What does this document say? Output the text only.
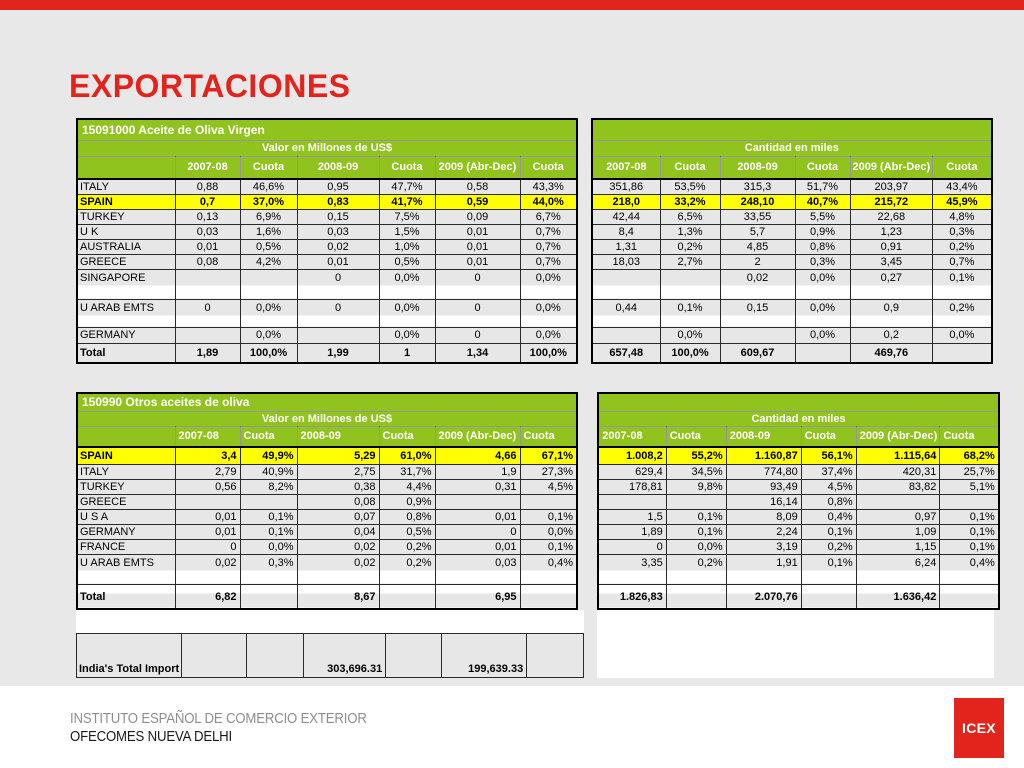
EXPORTACIONES
15091000 Aceite de Oliva Virgen						
Valor en Millones de US$						
	2007-08	Cuota	2008-09	Cuota	2009 (Abr-Dec)	Cuota
ITALY	0,88	46,6%	0,95	47,7%	0,58	43,3%
SPAIN	0,7	37,0%	0,83	41,7%	0,59	44,0%
TURKEY	0,13	6,9%	0,15	7,5%	0,09	6,7%
U K	0,03	1,6%	0,03	1,5%	0,01	0,7%
AUSTRALIA	0,01	0,5%	0,02	1,0%	0,01	0,7%
GREECE	0,08	4,2%	0,01	0,5%	0,01	0,7%
SINGAPORE			0	0,0%	0	0,0%
U ARAB EMTS	0	0,0%	0	0,0%	0	0,0%
GERMANY		0,0%		0,0%	0	0,0%
Total	1,89	100,0%	1,99	1	1,34	100,0%

Cantidad en miles					
2007-08	Cuota	2008-09	Cuota	2009 (Abr-Dec)	Cuota
351,86	53,5%	315,3	51,7%	203,97	43,4%
218,0	33,2%	248,10	40,7%	215,72	45,9%
42,44	6,5%	33,55	5,5%	22,68	4,8%
8,4	1,3%	5,7	0,9%	1,23	0,3%
1,31	0,2%	4,85	0,8%	0,91	0,2%
18,03	2,7%	2	0,3%	3,45	0,7%
		0,02	0,0%	0,27	0,1%
0,44	0,1%	0,15	0,0%	0,9	0,2%
	0,0%		0,0%	0,2	0,0%
657,48	100,0%	609,67		469,76	
150990 Otros aceites de oliva						
Valor en Millones de US$						
	2007-08	Cuota	2008-09	Cuota	2009 (Abr-Dec)	Cuota
SPAIN	3,4	49,9%	5,29	61,0%	4,66	67,1%
ITALY	2,79	40,9%	2,75	31,7%	1,9	27,3%
TURKEY	0,56	8,2%	0,38	4,4%	0,31	4,5%
GREECE			0,08	0,9%		
U S A	0,01	0,1%	0,07	0,8%	0,01	0,1%
GERMANY	0,01	0,1%	0,04	0,5%	0	0,0%
FRANCE	0	0,0%	0,02	0,2%	0,01	0,1%
U ARAB EMTS	0,02	0,3%	0,02	0,2%	0,03	0,4%
Total	6,82		8,67		6,95	
India's Total Import			303,696.31		199,639.33	

Cantidad en miles					
2007-08	Cuota	2008-09	Cuota	2009 (Abr-Dec)	Cuota
1.008,2	55,2%	1.160,87	56,1%	1.115,64	68,2%
629,4	34,5%	774,80	37,4%	420,31	25,7%
178,81	9,8%	93,49	4,5%	83,82	5,1%
		16,14	0,8%		
1,5	0,1%	8,09	0,4%	0,97	0,1%
1,89	0,1%	2,24	0,1%	1,09	0,1%
0	0,0%	3,19	0,2%	1,15	0,1%
3,35	0,2%	1,91	0,1%	6,24	0,4%
1.826,83		2.070,76		1.636,42	
INSTITUTO ESPAÑOL DE COMERCIO EXTERIOR
OFECOMES NUEVA DELHI	ICEX
